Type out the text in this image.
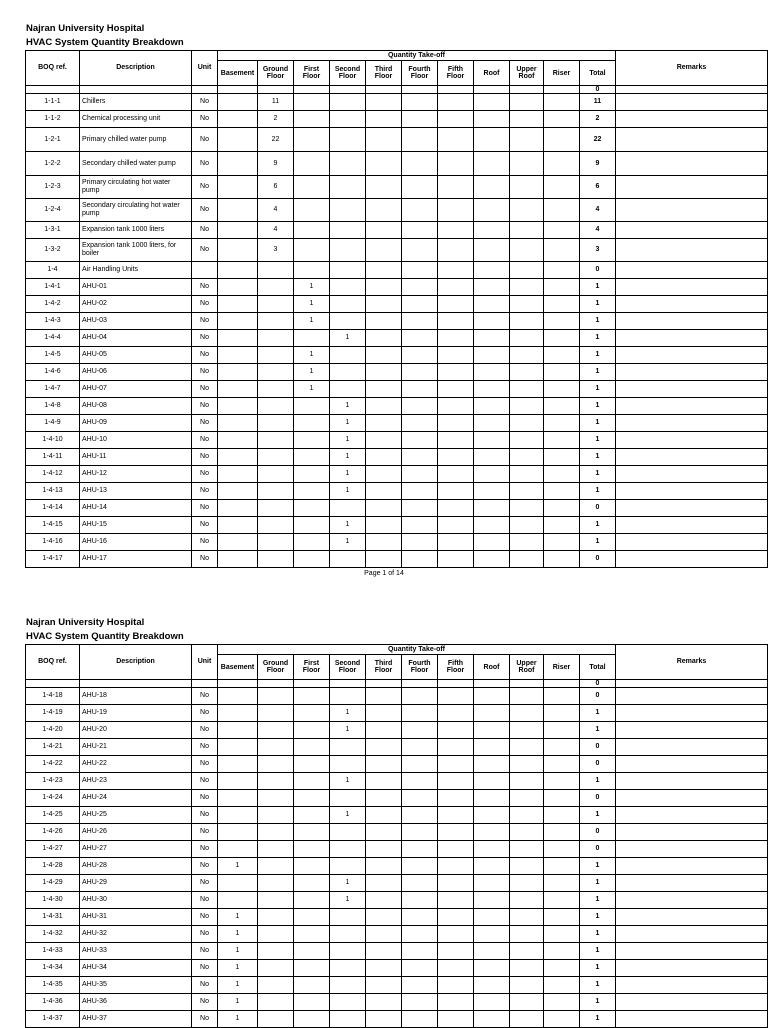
Najran University Hospital
HVAC System Quantity Breakdown
BOQ ref.	Description	Unit	Quantity Take-off											Remarks
			Basement	Ground Floor	First Floor	Second Floor	Third Floor	Fourth Floor	Fifth Floor	Roof	Upper Roof	Riser	Total	
													0	
1-1-1	Chillers	No		11									11	
1-1-2	Chemical processing unit	No		2									2	
1-2-1	Primary chilled water pump	No		22									22	
1-2-2	Secondary chilled water pump	No		9									9	
1-2-3	Primary circulating hot water pump	No		6									6	
1-2-4	Secondary circulating hot water pump	No		4									4	
1-3-1	Expansion tank 1000 liters	No		4									4	
1-3-2	Expansion tank 1000 liters, for boiler	No		3									3	
1-4	Air Handling Units												0	
1-4-1	AHU-01	No			1								1	
1-4-2	AHU-02	No			1								1	
1-4-3	AHU-03	No			1								1	
1-4-4	AHU-04	No				1							1	
1-4-5	AHU-05	No			1								1	
1-4-6	AHU-06	No			1								1	
1-4-7	AHU-07	No			1								1	
1-4-8	AHU-08	No				1							1	
1-4-9	AHU-09	No				1							1	
1-4-10	AHU-10	No				1							1	
1-4-11	AHU-11	No				1							1	
1-4-12	AHU-12	No				1							1	
1-4-13	AHU-13	No				1							1	
1-4-14	AHU-14	No											0	
1-4-15	AHU-15	No				1							1	
1-4-16	AHU-16	No				1							1	
1-4-17	AHU-17	No											0	
Page 1 of 14
Najran University Hospital
HVAC System Quantity Breakdown
BOQ ref.	Description	Unit	Quantity Take-off											Remarks
			Basement	Ground Floor	First Floor	Second Floor	Third Floor	Fourth Floor	Fifth Floor	Roof	Upper Roof	Riser	Total	
													0	
1-4-18	AHU-18	No											0	
1-4-19	AHU-19	No				1							1	
1-4-20	AHU-20	No				1							1	
1-4-21	AHU-21	No											0	
1-4-22	AHU-22	No											0	
1-4-23	AHU-23	No				1							1	
1-4-24	AHU-24	No											0	
1-4-25	AHU-25	No				1							1	
1-4-26	AHU-26	No											0	
1-4-27	AHU-27	No											0	
1-4-28	AHU-28	No	1										1	
1-4-29	AHU-29	No				1							1	
1-4-30	AHU-30	No				1							1	
1-4-31	AHU-31	No	1										1	
1-4-32	AHU-32	No	1										1	
1-4-33	AHU-33	No	1										1	
1-4-34	AHU-34	No	1										1	
1-4-35	AHU-35	No	1										1	
1-4-36	AHU-36	No	1										1	
1-4-37	AHU-37	No	1										1	
